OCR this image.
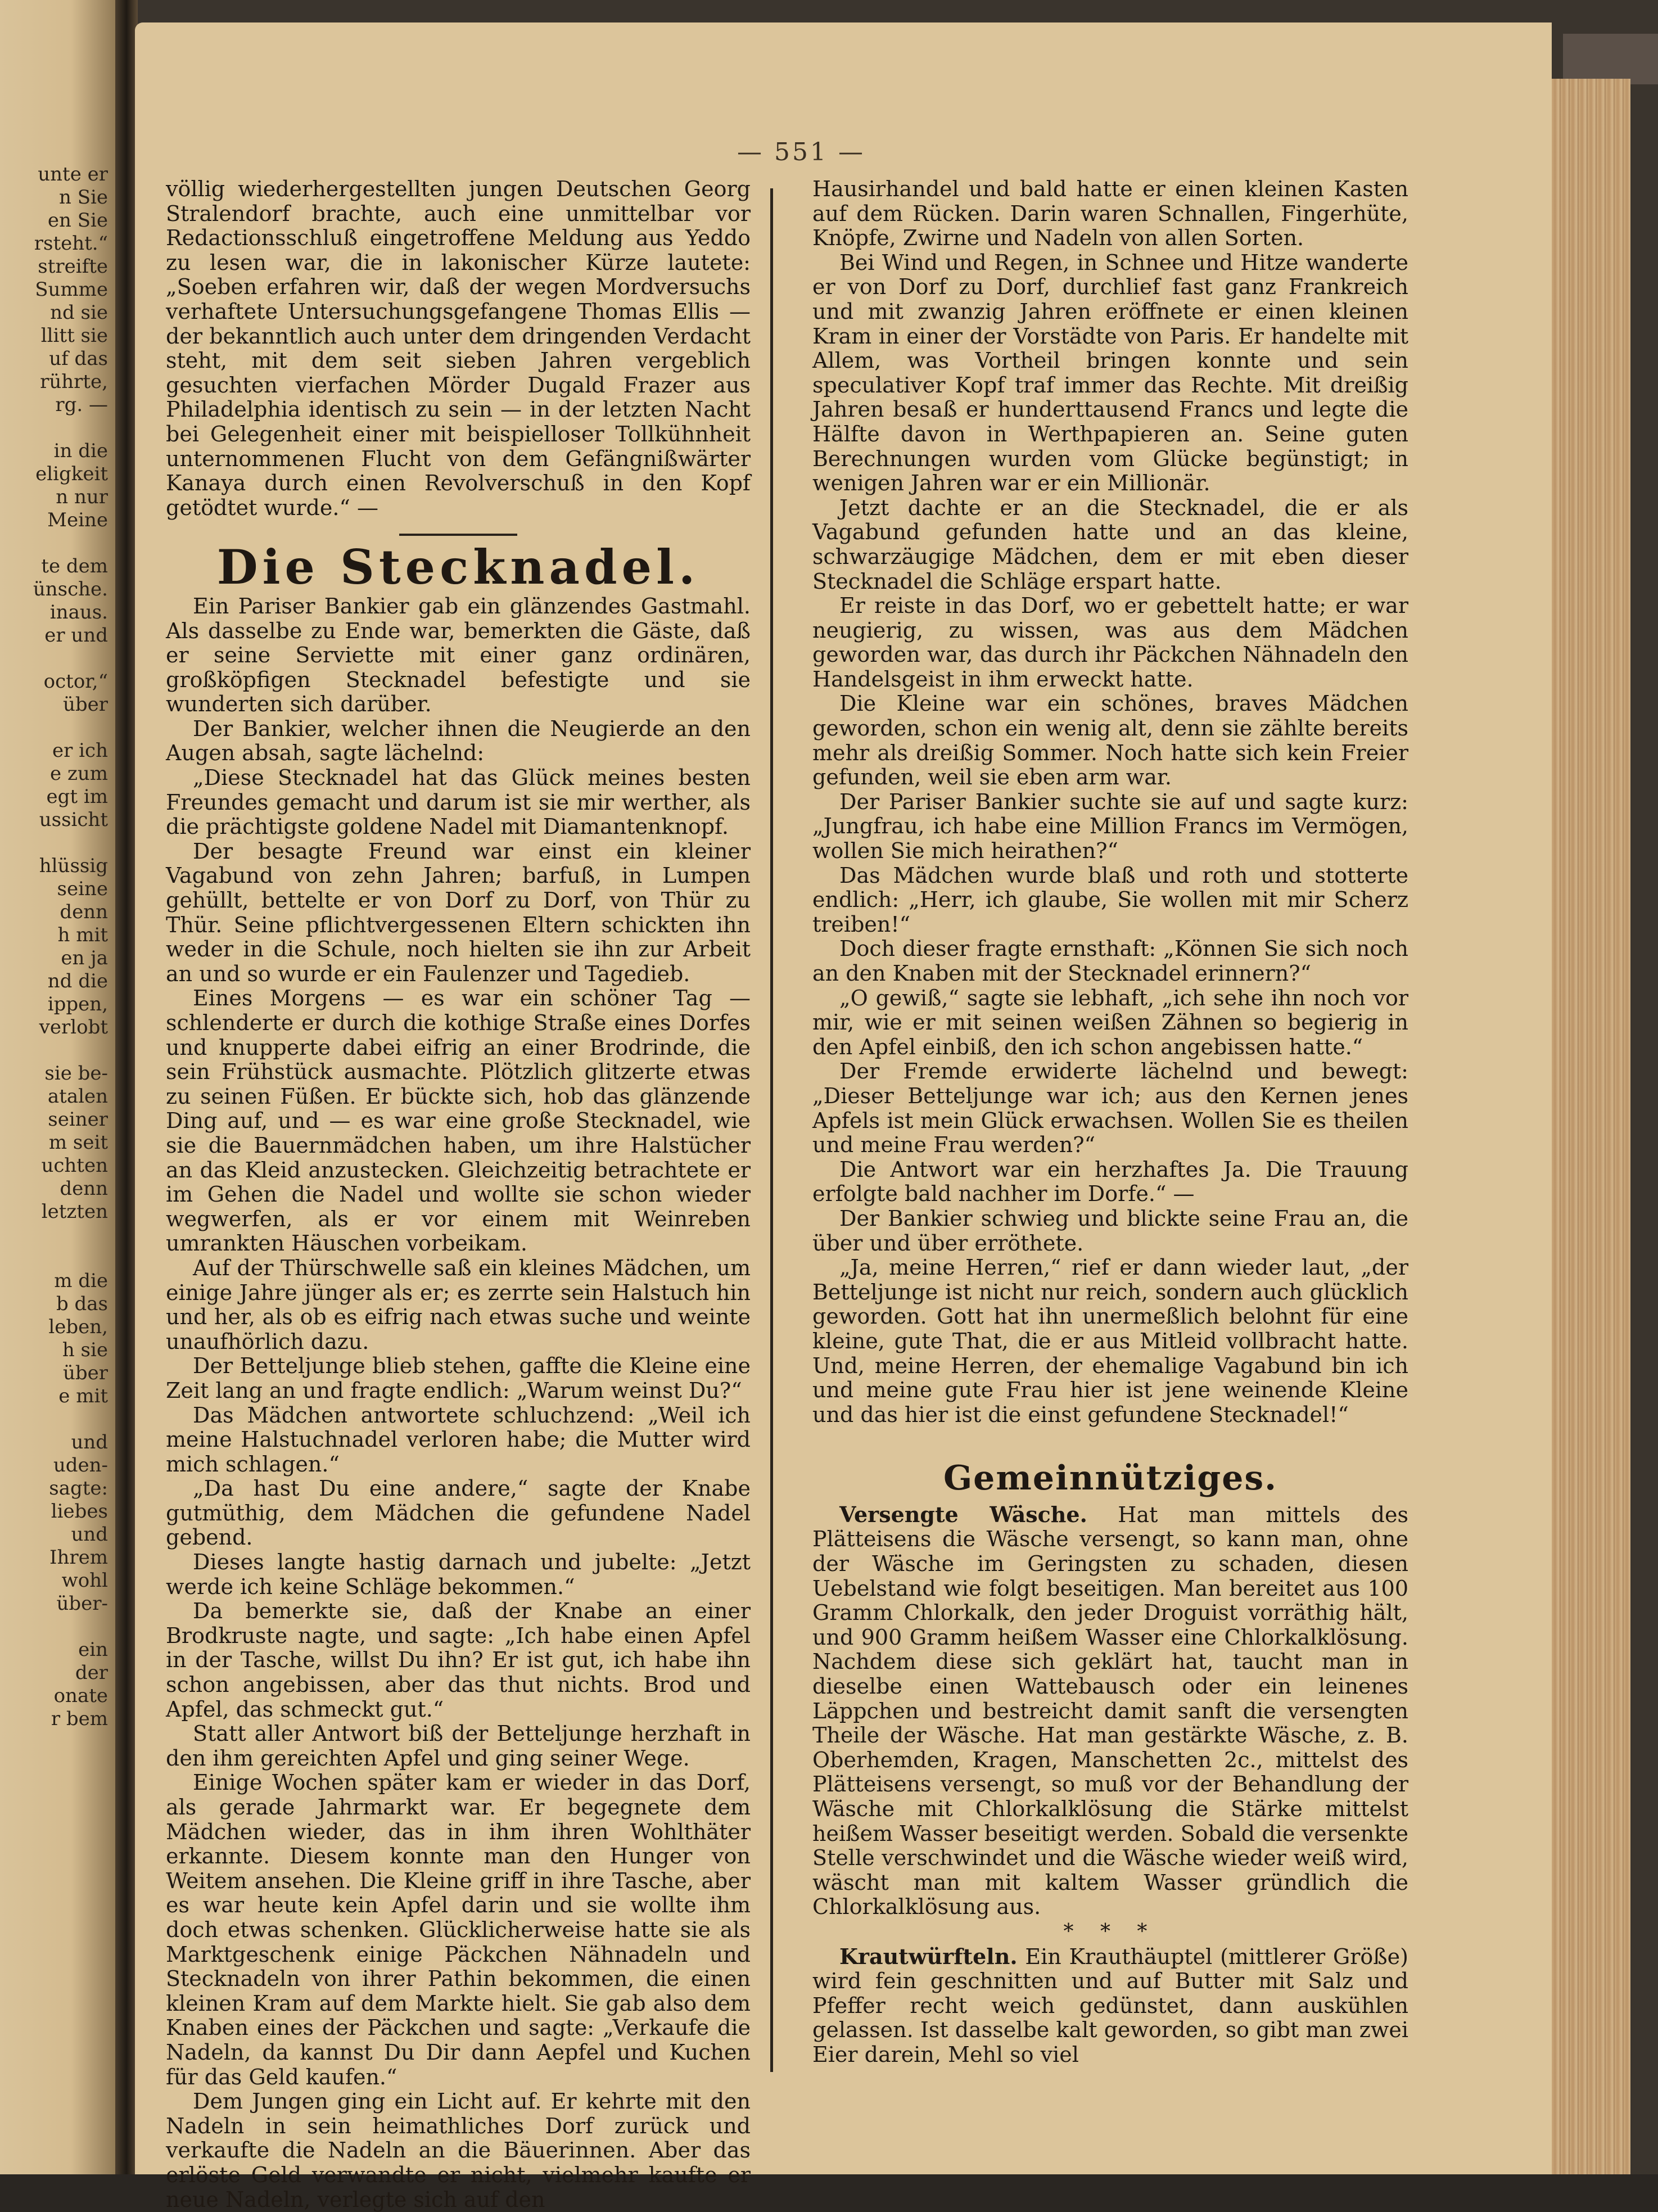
unte er
n Sie
en Sie
rsteht.“
streifte
Summe
nd sie
llitt sie
uf das
rührte,
rg. —

in die
eligkeit
n nur
Meine

te dem
ünsche.
inaus.
er und

octor,“
über

er ich
e zum
egt im
ussicht

hlüssig
seine
denn
h mit
en ja
nd die
ippen,
verlobt

sie be-
atalen
seiner
m seit
uchten
denn
letzten

m die
b das
leben,
h sie
über
e mit

und
uden-
sagte:
liebes
und
Ihrem
wohl
über-

ein
der
onate
r bem
— 551 —

völlig wiederhergestellten jungen Deutschen Georg Stralendorf brachte, auch eine unmittelbar vor Redactionsschluß eingetroffene Meldung aus Yeddo zu lesen war, die in lakonischer Kürze lautete: „Soeben erfahren wir, daß der wegen Mordversuchs verhaftete Untersuchungsgefangene Thomas Ellis — der bekanntlich auch unter dem dringenden Verdacht steht, mit dem seit sieben Jahren vergeblich gesuchten vierfachen Mörder Dugald Frazer aus Philadelphia identisch zu sein — in der letzten Nacht bei Gelegenheit einer mit beispielloser Tollkühnheit unternommenen Flucht von dem Gefängnißwärter Kanaya durch einen Revolverschuß in den Kopf getödtet wurde.“ —

Die Stecknadel.

Ein Pariser Bankier gab ein glänzendes Gastmahl. Als dasselbe zu Ende war, bemerkten die Gäste, daß er seine Serviette mit einer ganz ordinären, großköpfigen Stecknadel befestigte und sie wunderten sich darüber.

Der Bankier, welcher ihnen die Neugierde an den Augen absah, sagte lächelnd:

„Diese Stecknadel hat das Glück meines besten Freundes gemacht und darum ist sie mir werther, als die prächtigste goldene Nadel mit Diamantenknopf.

Der besagte Freund war einst ein kleiner Vagabund von zehn Jahren; barfuß, in Lumpen gehüllt, bettelte er von Dorf zu Dorf, von Thür zu Thür. Seine pflichtvergessenen Eltern schickten ihn weder in die Schule, noch hielten sie ihn zur Arbeit an und so wurde er ein Faulenzer und Tagedieb.

Eines Morgens — es war ein schöner Tag — schlenderte er durch die kothige Straße eines Dorfes und knupperte dabei eifrig an einer Brodrinde, die sein Frühstück ausmachte. Plötzlich glitzerte etwas zu seinen Füßen. Er bückte sich, hob das glänzende Ding auf, und — es war eine große Stecknadel, wie sie die Bauernmädchen haben, um ihre Halstücher an das Kleid anzustecken. Gleichzeitig betrachtete er im Gehen die Nadel und wollte sie schon wieder wegwerfen, als er vor einem mit Weinreben umrankten Häuschen vorbeikam.

Auf der Thürschwelle saß ein kleines Mädchen, um einige Jahre jünger als er; es zerrte sein Halstuch hin und her, als ob es eifrig nach etwas suche und weinte unaufhörlich dazu.

Der Betteljunge blieb stehen, gaffte die Kleine eine Zeit lang an und fragte endlich: „Warum weinst Du?“

Das Mädchen antwortete schluchzend: „Weil ich meine Halstuchnadel verloren habe; die Mutter wird mich schlagen.“

„Da hast Du eine andere,“ sagte der Knabe gutmüthig, dem Mädchen die gefundene Nadel gebend.

Dieses langte hastig darnach und jubelte: „Jetzt werde ich keine Schläge bekommen.“

Da bemerkte sie, daß der Knabe an einer Brodkruste nagte, und sagte: „Ich habe einen Apfel in der Tasche, willst Du ihn? Er ist gut, ich habe ihn schon angebissen, aber das thut nichts. Brod und Apfel, das schmeckt gut.“

Statt aller Antwort biß der Betteljunge herzhaft in den ihm gereichten Apfel und ging seiner Wege.

Einige Wochen später kam er wieder in das Dorf, als gerade Jahrmarkt war. Er begegnete dem Mädchen wieder, das in ihm ihren Wohlthäter erkannte. Diesem konnte man den Hunger von Weitem ansehen. Die Kleine griff in ihre Tasche, aber es war heute kein Apfel darin und sie wollte ihm doch etwas schenken. Glücklicherweise hatte sie als Marktgeschenk einige Päckchen Nähnadeln und Stecknadeln von ihrer Pathin bekommen, die einen kleinen Kram auf dem Markte hielt. Sie gab also dem Knaben eines der Päckchen und sagte: „Verkaufe die Nadeln, da kannst Du Dir dann Aepfel und Kuchen für das Geld kaufen.“

Dem Jungen ging ein Licht auf. Er kehrte mit den Nadeln in sein heimathliches Dorf zurück und verkaufte die Nadeln an die Bäuerinnen. Aber das erlöste Geld verwandte er nicht, vielmehr kaufte er neue Nadeln, verlegte sich auf den

Hausirhandel und bald hatte er einen kleinen Kasten auf dem Rücken. Darin waren Schnallen, Fingerhüte, Knöpfe, Zwirne und Nadeln von allen Sorten.

Bei Wind und Regen, in Schnee und Hitze wanderte er von Dorf zu Dorf, durchlief fast ganz Frankreich und mit zwanzig Jahren eröffnete er einen kleinen Kram in einer der Vorstädte von Paris. Er handelte mit Allem, was Vortheil bringen konnte und sein speculativer Kopf traf immer das Rechte. Mit dreißig Jahren besaß er hunderttausend Francs und legte die Hälfte davon in Werthpapieren an. Seine guten Berechnungen wurden vom Glücke begünstigt; in wenigen Jahren war er ein Millionär.

Jetzt dachte er an die Stecknadel, die er als Vagabund gefunden hatte und an das kleine, schwarzäugige Mädchen, dem er mit eben dieser Stecknadel die Schläge erspart hatte.

Er reiste in das Dorf, wo er gebettelt hatte; er war neugierig, zu wissen, was aus dem Mädchen geworden war, das durch ihr Päckchen Nähnadeln den Handelsgeist in ihm erweckt hatte.

Die Kleine war ein schönes, braves Mädchen geworden, schon ein wenig alt, denn sie zählte bereits mehr als dreißig Sommer. Noch hatte sich kein Freier gefunden, weil sie eben arm war.

Der Pariser Bankier suchte sie auf und sagte kurz: „Jungfrau, ich habe eine Million Francs im Vermögen, wollen Sie mich heirathen?“

Das Mädchen wurde blaß und roth und stotterte endlich: „Herr, ich glaube, Sie wollen mit mir Scherz treiben!“

Doch dieser fragte ernsthaft: „Können Sie sich noch an den Knaben mit der Stecknadel erinnern?“

„O gewiß,“ sagte sie lebhaft, „ich sehe ihn noch vor mir, wie er mit seinen weißen Zähnen so begierig in den Apfel einbiß, den ich schon angebissen hatte.“

Der Fremde erwiderte lächelnd und bewegt: „Dieser Betteljunge war ich; aus den Kernen jenes Apfels ist mein Glück erwachsen. Wollen Sie es theilen und meine Frau werden?“

Die Antwort war ein herzhaftes Ja. Die Trauung erfolgte bald nachher im Dorfe.“ —

Der Bankier schwieg und blickte seine Frau an, die über und über erröthete.

„Ja, meine Herren,“ rief er dann wieder laut, „der Betteljunge ist nicht nur reich, sondern auch glücklich geworden. Gott hat ihn unermeßlich belohnt für eine kleine, gute That, die er aus Mitleid vollbracht hatte. Und, meine Herren, der ehemalige Vagabund bin ich und meine gute Frau hier ist jene weinende Kleine und das hier ist die einst gefundene Stecknadel!“

Gemeinnütziges.

Versengte Wäsche. Hat man mittels des Plätteisens die Wäsche versengt, so kann man, ohne der Wäsche im Geringsten zu schaden, diesen Uebelstand wie folgt beseitigen. Man bereitet aus 100 Gramm Chlorkalk, den jeder Droguist vorräthig hält, und 900 Gramm heißem Wasser eine Chlorkalklösung. Nachdem diese sich geklärt hat, taucht man in dieselbe einen Wattebausch oder ein leinenes Läppchen und bestreicht damit sanft die versengten Theile der Wäsche. Hat man gestärkte Wäsche, z. B. Oberhemden, Kragen, Manschetten 2c., mittelst des Plätteisens versengt, so muß vor der Behandlung der Wäsche mit Chlorkalklösung die Stärke mittelst heißem Wasser beseitigt werden. Sobald die versenkte Stelle verschwindet und die Wäsche wieder weiß wird, wäscht man mit kaltem Wasser gründlich die Chlorkalklösung aus.

* * *

Krautwürfteln. Ein Krauthäuptel (mittlerer Größe) wird fein geschnitten und auf Butter mit Salz und Pfeffer recht weich gedünstet, dann auskühlen gelassen. Ist dasselbe kalt geworden, so gibt man zwei Eier darein, Mehl so viel
